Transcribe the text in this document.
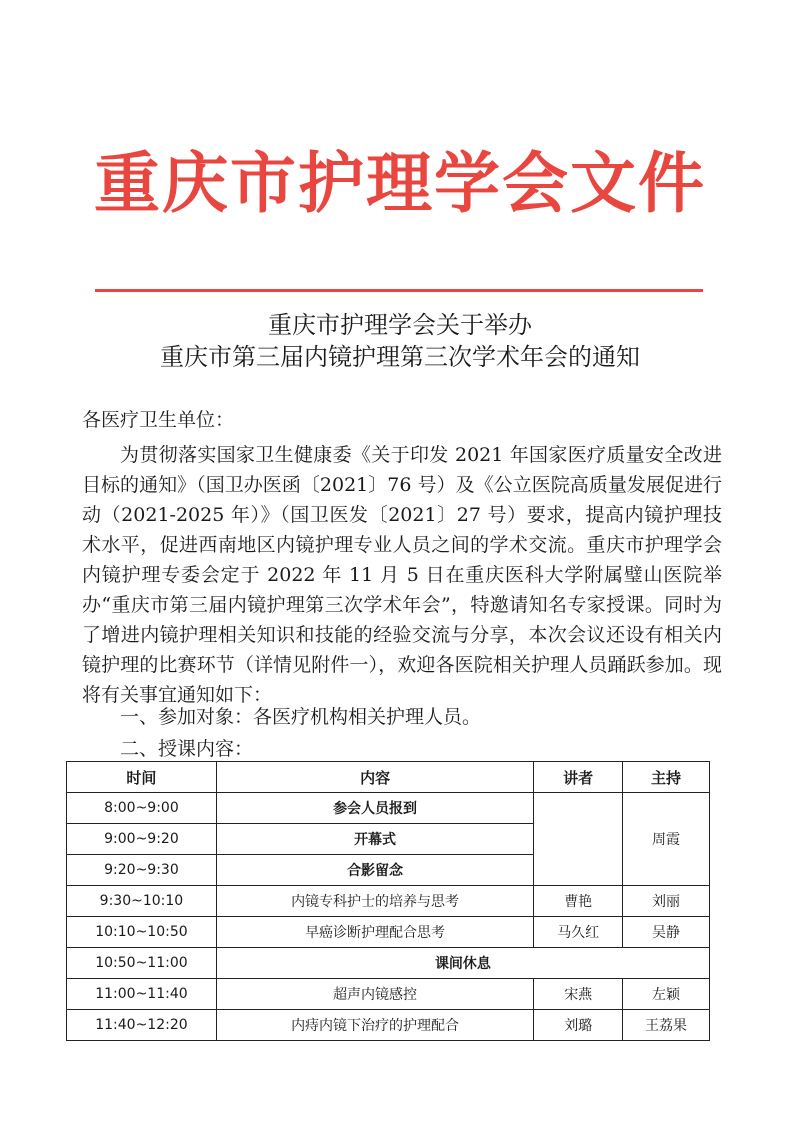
重庆市护理学会文件
重庆市护理学会关于举办
重庆市第三届内镜护理第三次学术年会的通知
各医疗卫生单位：
为贯彻落实国家卫生健康委《关于印发 2021 年国家医疗质量安全改进目标的通知》（国卫办医函〔2021〕76 号）及《公立医院高质量发展促进行动（2021-2025 年）》（国卫医发〔2021〕27 号）要求，提高内镜护理技术水平，促进西南地区内镜护理专业人员之间的学术交流。重庆市护理学会内镜护理专委会定于 2022 年 11 月 5 日在重庆医科大学附属璧山医院举办“重庆市第三届内镜护理第三次学术年会”，特邀请知名专家授课。同时为了增进内镜护理相关知识和技能的经验交流与分享，本次会议还设有相关内镜护理的比赛环节（详情见附件一），欢迎各医院相关护理人员踊跃参加。现将有关事宜通知如下：
一、参加对象：各医疗机构相关护理人员。
二、授课内容：
时间	内容	讲者	主持
8:00~9:00	参会人员报到		周霞
9:00~9:20	开幕式		
9:20~9:30	合影留念		
9:30~10:10	内镜专科护士的培养与思考	曹艳	刘丽
10:10~10:50	早癌诊断护理配合思考	马久红	吴静
10:50~11:00	课间休息		
11:00~11:40	超声内镜感控	宋燕	左颖
11:40~12:20	内痔内镜下治疗的护理配合	刘璐	王荔果
